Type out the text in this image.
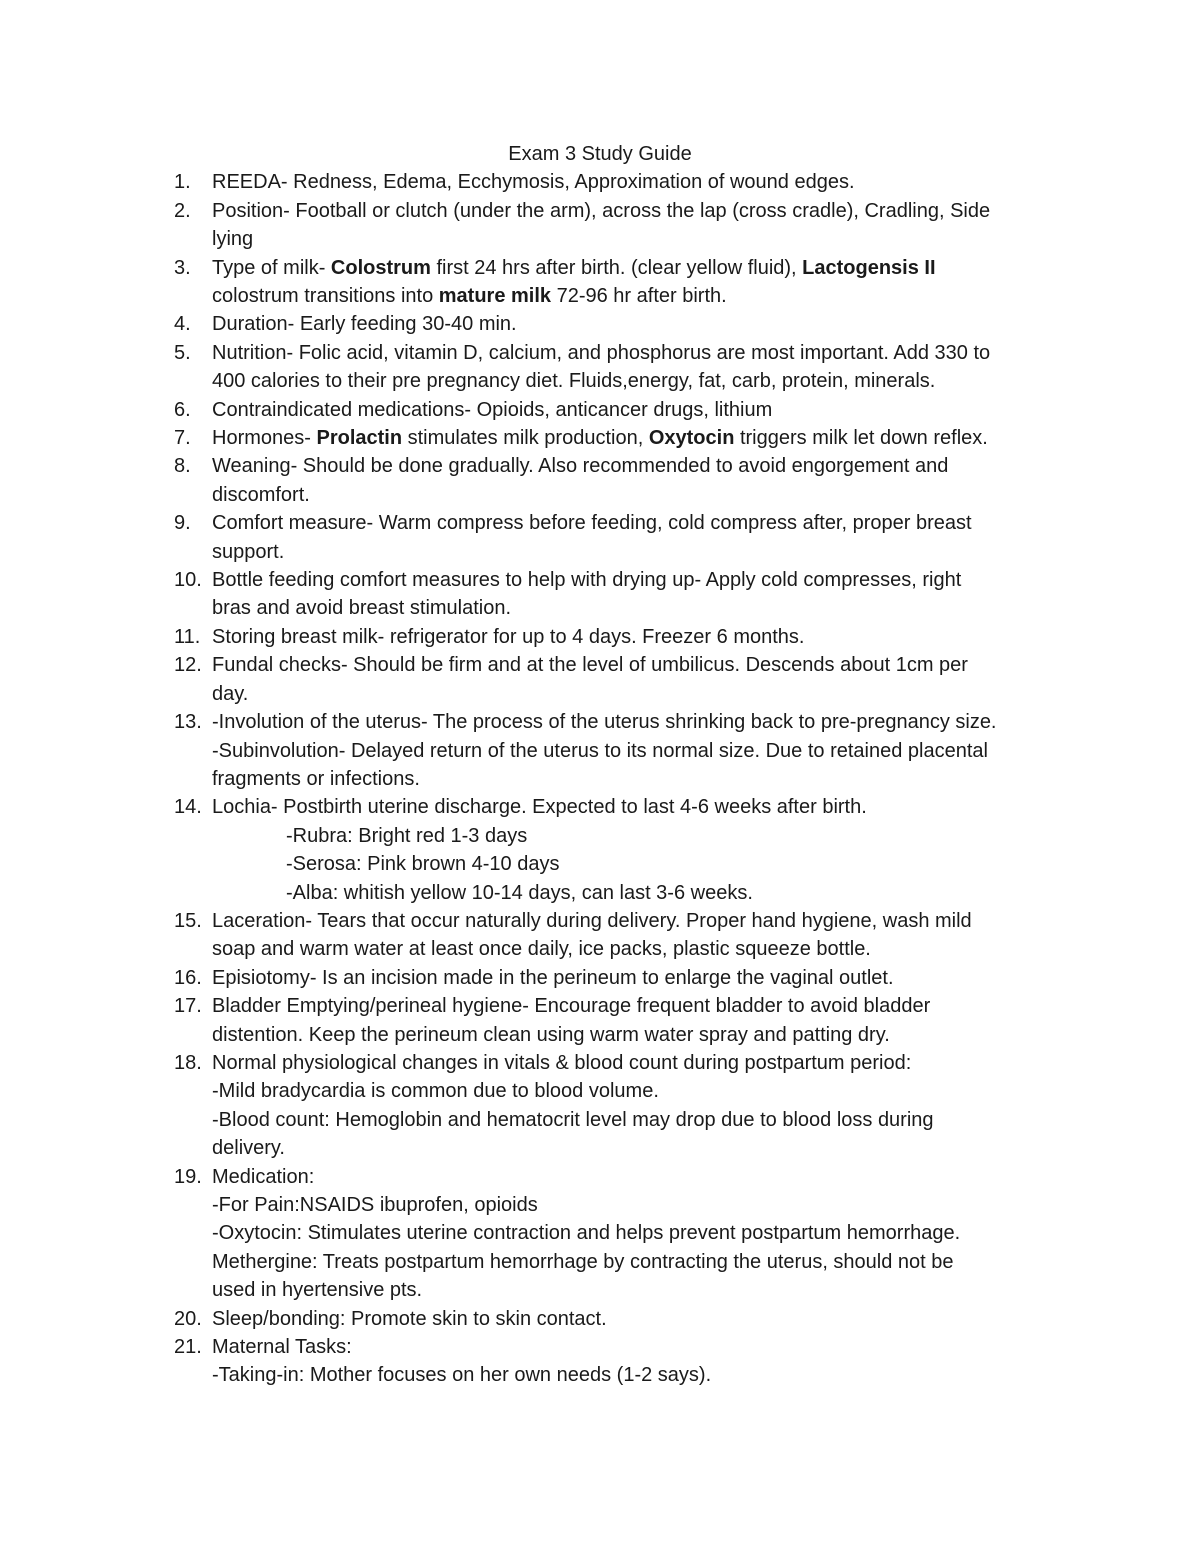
Exam 3 Study Guide
1. REEDA- Redness, Edema, Ecchymosis, Approximation of wound edges.
2. Position- Football or clutch (under the arm), across the lap (cross cradle), Cradling, Side
lying
3. Type of milk- Colostrum first 24 hrs after birth. (clear yellow fluid), Lactogensis II
colostrum transitions into mature milk 72-96 hr after birth.
4. Duration- Early feeding 30-40 min.
5. Nutrition- Folic acid, vitamin D, calcium, and phosphorus are most important. Add 330 to
400 calories to their pre pregnancy diet. Fluids,energy, fat, carb, protein, minerals.
6. Contraindicated medications- Opioids, anticancer drugs, lithium
7. Hormones- Prolactin stimulates milk production, Oxytocin triggers milk let down reflex.
8. Weaning- Should be done gradually. Also recommended to avoid engorgement and
discomfort.
9. Comfort measure- Warm compress before feeding, cold compress after, proper breast
support.
10. Bottle feeding comfort measures to help with drying up- Apply cold compresses, right
bras and avoid breast stimulation.
11. Storing breast milk- refrigerator for up to 4 days. Freezer 6 months.
12. Fundal checks- Should be firm and at the level of umbilicus. Descends about 1cm per
day.
13. -Involution of the uterus- The process of the uterus shrinking back to pre-pregnancy size.
-Subinvolution- Delayed return of the uterus to its normal size. Due to retained placental
fragments or infections.
14. Lochia- Postbirth uterine discharge. Expected to last 4-6 weeks after birth.
-Rubra: Bright red 1-3 days
-Serosa: Pink brown 4-10 days
-Alba: whitish yellow 10-14 days, can last 3-6 weeks.
15. Laceration- Tears that occur naturally during delivery. Proper hand hygiene, wash mild
soap and warm water at least once daily, ice packs, plastic squeeze bottle.
16. Episiotomy- Is an incision made in the perineum to enlarge the vaginal outlet.
17. Bladder Emptying/perineal hygiene- Encourage frequent bladder to avoid bladder
distention. Keep the perineum clean using warm water spray and patting dry.
18. Normal physiological changes in vitals & blood count during postpartum period:
-Mild bradycardia is common due to blood volume.
-Blood count: Hemoglobin and hematocrit level may drop due to blood loss during
delivery.
19. Medication:
-For Pain:NSAIDS ibuprofen, opioids
-Oxytocin: Stimulates uterine contraction and helps prevent postpartum hemorrhage.
Methergine: Treats postpartum hemorrhage by contracting the uterus, should not be
used in hyertensive pts.
20. Sleep/bonding: Promote skin to skin contact.
21. Maternal Tasks:
-Taking-in: Mother focuses on her own needs (1-2 says).
